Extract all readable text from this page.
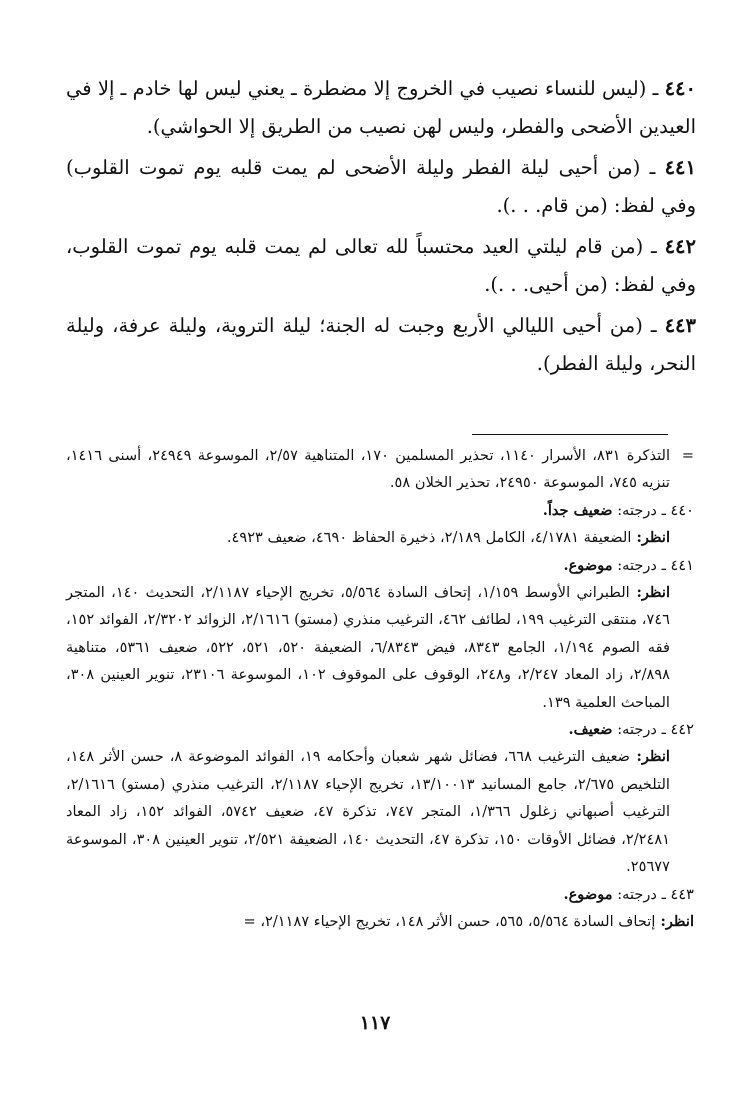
٤٤٠ ـ (ليس للنساء نصيب في الخروج إلا مضطرة ـ يعني ليس لها خادم ـ إلا في العيدين الأضحى والفطر، وليس لهن نصيب من الطريق إلا الحواشي).

٤٤١ ـ (من أحيى ليلة الفطر وليلة الأضحى لم يمت قلبه يوم تموت القلوب) وفي لفظ: (من قام. . .).

٤٤٢ ـ (من قام ليلتي العيد محتسباً لله تعالى لم يمت قلبه يوم تموت القلوب، وفي لفظ: (من أحيى. . .).

٤٤٣ ـ (من أحيى الليالي الأربع وجبت له الجنة؛ ليلة التروية، وليلة عرفة، وليلة النحر، وليلة الفطر).

=
التذكرة ٨٣١، الأسرار ١١٤٠، تحذير المسلمين ١٧٠، المتناهية ٢/٥٧، الموسوعة ٢٤٩٤٩، أسنى ١٤١٦، تنزيه ٧٤٥، الموسوعة ٢٤٩٥٠، تحذير الخلان ٥٨.

٤٤٠ ـ درجته: ضعيف جداً.

انظر: الضعيفة ٤/١٧٨١، الكامل ٢/١٨٩، ذخيرة الحفاظ ٤٦٩٠، ضعيف ٤٩٢٣.

٤٤١ ـ درجته: موضوع.

انظر: الطبراني الأوسط ١/١٥٩، إتحاف السادة ٥/٥٦٤، تخريج الإحياء ٢/١١٨٧، التحديث ١٤٠، المتجر ٧٤٦، منتقى الترغيب ١٩٩، لطائف ٤٦٢، الترغيب منذري (مستو) ٢/١٦١٦، الزوائد ٢/٣٢٠٢، الفوائد ١٥٢، فقه الصوم ١/١٩٤، الجامع ٨٣٤٣، فيض ٦/٨٣٤٣، الضعيفة ٥٢٠، ٥٢١، ٥٢٢، ضعيف ٥٣٦١، متناهية ٢/٨٩٨، زاد المعاد ٢/٢٤٧، و٢٤٨، الوقوف على الموقوف ١٠٢، الموسوعة ٢٣١٠٦، تنوير العينين ٣٠٨، المباحث العلمية ١٣٩.

٤٤٢ ـ درجته: ضعيف.

انظر: ضعيف الترغيب ٦٦٨، فضائل شهر شعبان وأحكامه ١٩، الفوائد الموضوعة ٨، حسن الأثر ١٤٨، التلخيص ٢/٦٧٥، جامع المسانيد ١٣/١٠٠١٣، تخريج الإحياء ٢/١١٨٧، الترغيب منذري (مستو) ٢/١٦١٦، الترغيب أصبهاني زغلول ١/٣٦٦، المتجر ٧٤٧، تذكرة ٤٧، ضعيف ٥٧٤٢، الفوائد ١٥٢، زاد المعاد ٢/٢٤٨١، فضائل الأوقات ١٥٠، تذكرة ٤٧، التحديث ١٤٠، الضعيفة ٢/٥٢١، تنوير العينين ٣٠٨، الموسوعة ٢٥٦٧٧.

٤٤٣ ـ درجته: موضوع.

انظر: إتحاف السادة ٥/٥٦٤، ٥٦٥، حسن الأثر ١٤٨، تخريج الإحياء ٢/١١٨٧، =

١١٧
